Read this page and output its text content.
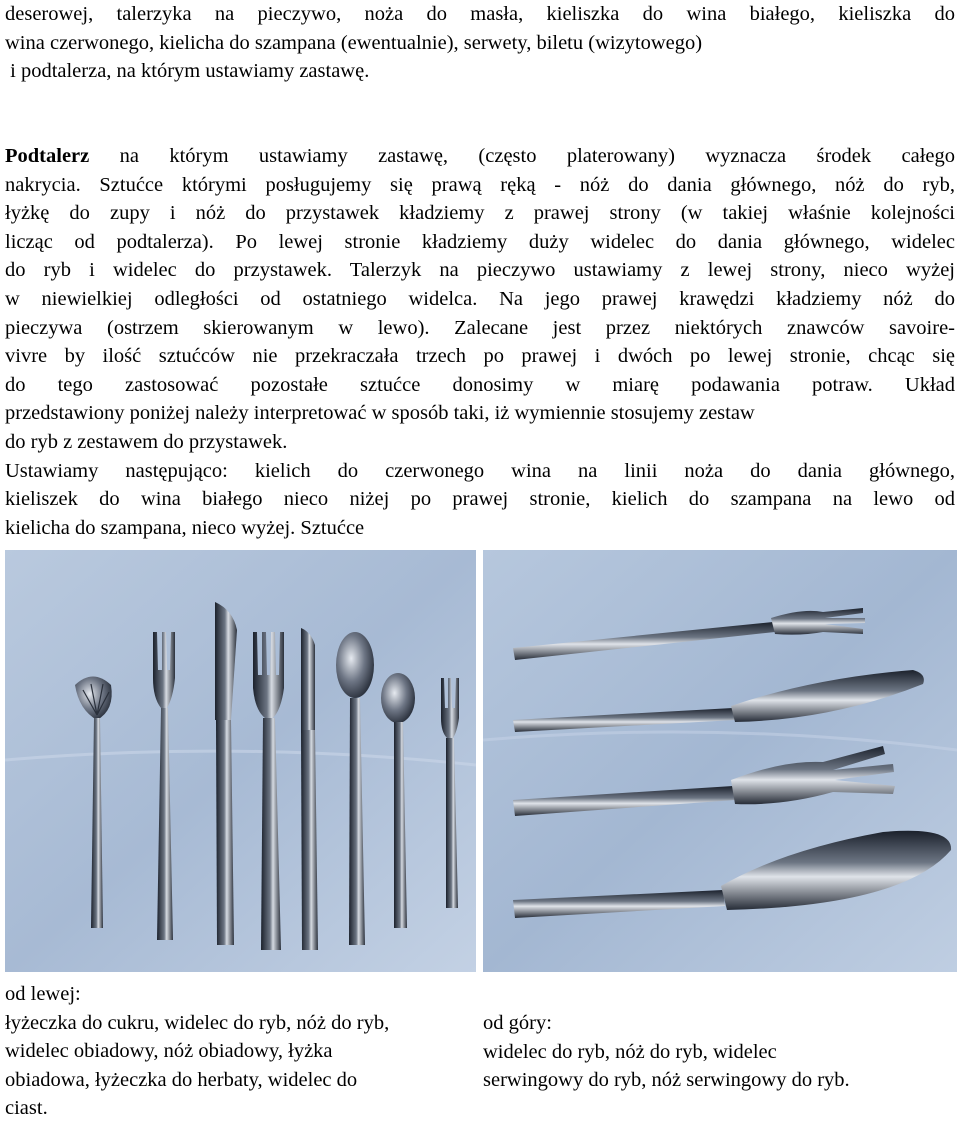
deserowej, talerzyka na pieczywo, noża do masła, kieliszka do wina białego, kieliszka do
wina czerwonego, kielicha do szampana (ewentualnie), serwety, biletu (wizytowego)
i podtalerza, na którym ustawiamy zastawę.
Podtalerz na którym ustawiamy zastawę, (często platerowany) wyznacza środek całego
nakrycia. Sztućce którymi posługujemy się prawą ręką - nóż do dania głównego, nóż do ryb,
łyżkę do zupy i nóż do przystawek kładziemy z prawej strony (w takiej właśnie kolejności
licząc od podtalerza). Po lewej stronie kładziemy duży widelec do dania głównego, widelec
do ryb i widelec do przystawek. Talerzyk na pieczywo ustawiamy z lewej strony, nieco wyżej
w niewielkiej odległości od ostatniego widelca. Na jego prawej krawędzi kładziemy nóż do
pieczywa (ostrzem skierowanym w lewo). Zalecane jest przez niektórych znawców savoire-
vivre by ilość sztućców nie przekraczała trzech po prawej i dwóch po lewej stronie, chcąc się
do tego zastosować pozostałe sztućce donosimy w miarę podawania potraw. Układ
przedstawiony poniżej należy interpretować w sposób taki, iż wymiennie stosujemy zestaw
do ryb z zestawem do przystawek.
Ustawiamy następująco: kielich do czerwonego wina na linii noża do dania głównego,
kieliszek do wina białego nieco niżej po prawej stronie, kielich do szampana na lewo od
kielicha do szampana, nieco wyżej. Sztućce
od lewej:
łyżeczka do cukru, widelec do ryb, nóż do ryb,
widelec obiadowy, nóż obiadowy, łyżka
obiadowa, łyżeczka do herbaty, widelec do
ciast.
od góry:
widelec do ryb, nóż do ryb, widelec
serwingowy do ryb, nóż serwingowy do ryb.
